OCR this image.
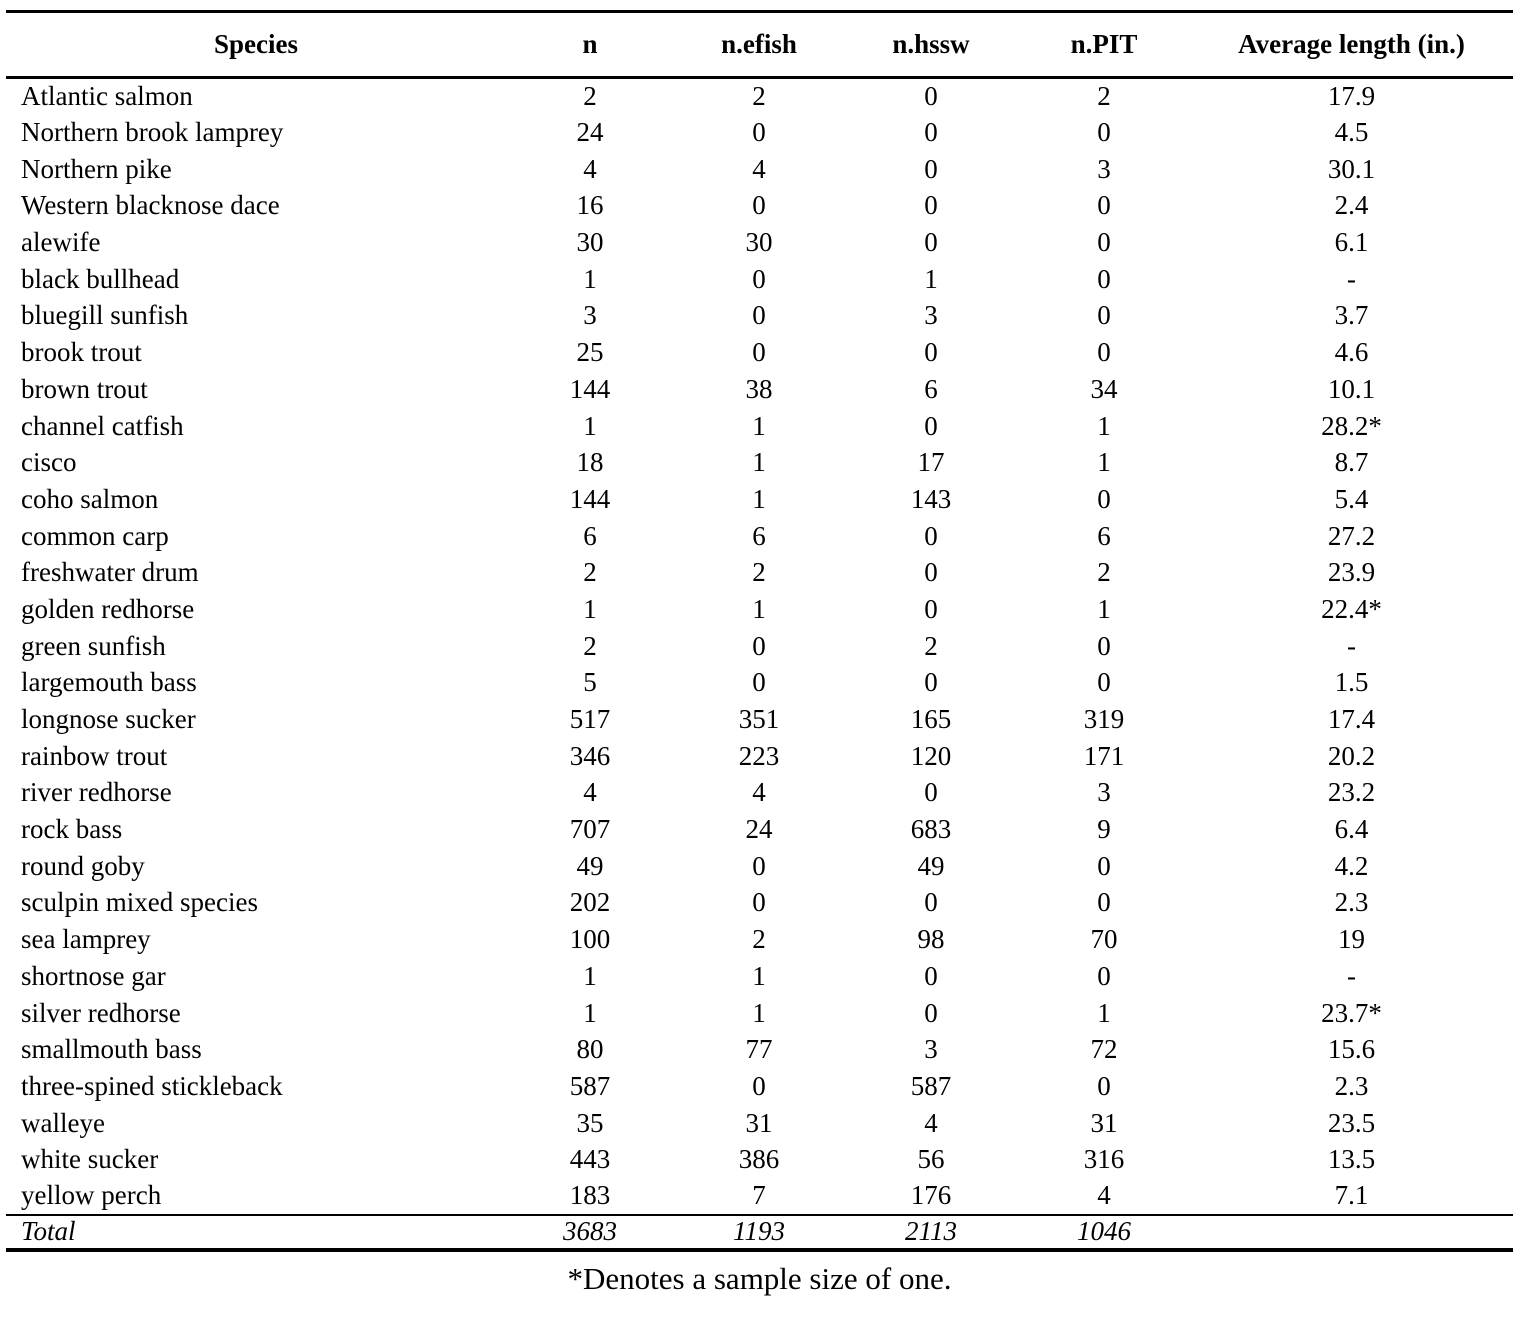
Species	n	n.efish	n.hssw	n.PIT	Average length (in.)
Atlantic salmon	2	2	0	2	17.9
Northern brook lamprey	24	0	0	0	4.5
Northern pike	4	4	0	3	30.1
Western blacknose dace	16	0	0	0	2.4
alewife	30	30	0	0	6.1
black bullhead	1	0	1	0	-
bluegill sunfish	3	0	3	0	3.7
brook trout	25	0	0	0	4.6
brown trout	144	38	6	34	10.1
channel catfish	1	1	0	1	28.2*
cisco	18	1	17	1	8.7
coho salmon	144	1	143	0	5.4
common carp	6	6	0	6	27.2
freshwater drum	2	2	0	2	23.9
golden redhorse	1	1	0	1	22.4*
green sunfish	2	0	2	0	-
largemouth bass	5	0	0	0	1.5
longnose sucker	517	351	165	319	17.4
rainbow trout	346	223	120	171	20.2
river redhorse	4	4	0	3	23.2
rock bass	707	24	683	9	6.4
round goby	49	0	49	0	4.2
sculpin mixed species	202	0	0	0	2.3
sea lamprey	100	2	98	70	19
shortnose gar	1	1	0	0	-
silver redhorse	1	1	0	1	23.7*
smallmouth bass	80	77	3	72	15.6
three-spined stickleback	587	0	587	0	2.3
walleye	35	31	4	31	23.5
white sucker	443	386	56	316	13.5
yellow perch	183	7	176	4	7.1
Total	3683	1193	2113	1046	
*Denotes a sample size of one.
